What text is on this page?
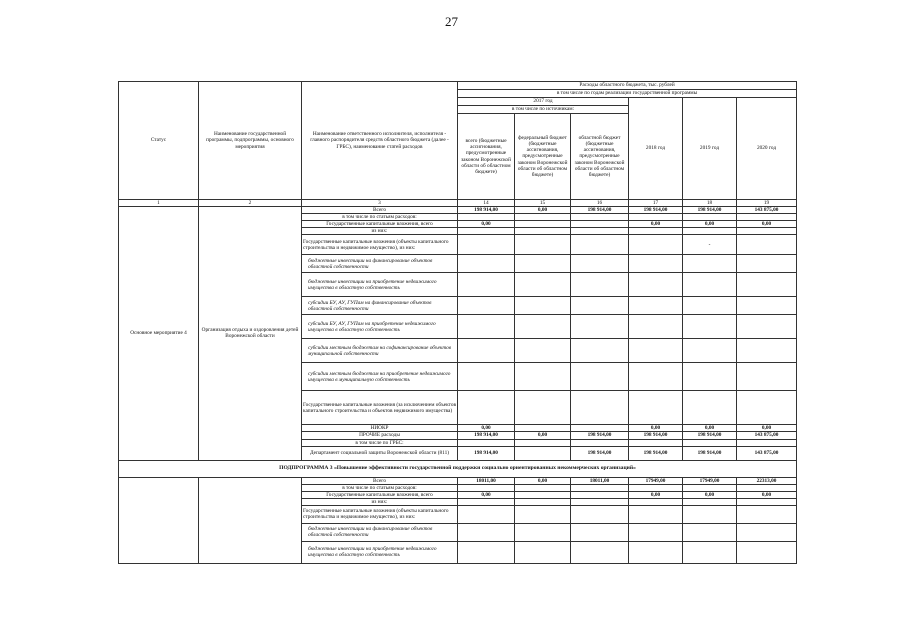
27
Статус	Наименование государственной программы, подпрограммы, основного мероприятия	Наименование ответственного исполнителя, исполнителя - главного распорядителя средств областного бюджета (далее - ГРБС), наименование статей расходов	Расходы областного бюджета, тыс. рублей					
			в том числе по годам реализации государственной программы					
			2017 год			2018 год	2019 год	2020 год
			в том числе по источникам:					
			всего (бюджетные ассигнования, предусмотренные законом Воронежской области об областном бюджете)	федеральный бюджет (бюджетные ассигнования, предусмотренные законом Воронежской области об областном бюджете)	областной бюджет (бюджетные ассигнования, предусмотренные законом Воронежской области об областном бюджете)			
1	2	3	14	15	16	17	18	19
Основное мероприятие 4	Организация отдыха и оздоровления детей Воронежской области	Всего	198 914,00	0,00	198 914,00	198 914,00	198 914,00	143 875,00
		в том числе по статьям расходов:						
		Государственные капитальные вложения, всего	0,00			0,00	0,00	0,00
		из них:						
		Государственные капитальные вложения (объекты капитального строительства и недвижимое имущество), из них:					-	
		бюджетные инвестиции на финансирование объектов областной собственности						
		бюджетные инвестиции на приобретение недвижимого имущества в областную собственность						
		субсидии БУ, АУ, ГУПам на финансирование объектов областной собственности						
		субсидии БУ, АУ, ГУПам на приобретение недвижимого имущества в областную собственность						
		субсидии местным бюджетам на софинансирование объектов муниципальной собственности						
		субсидии местным бюджетам на приобретение недвижимого имущества в муниципальную собственность						
		Государственные капитальные вложения (за исключением объектов капитального строительства и объектов недвижимого имущества)						
		НИОКР	0,00			0,00	0,00	0,00
		ПРОЧИЕ расходы	198 914,00	0,00	198 914,00	198 914,00	198 914,00	143 875,00
		в том числе по ГРБС:						
		Департамент социальной защиты Воронежской области (811)	198 914,00		198 914,00	198 914,00	198 914,00	143 875,00
ПОДПРОГРАММА 3 «Повышение эффективности государственной поддержки социально ориентированных некоммерческих организаций»								
		Всего	18011,00	0,00	18011,00	17949,00	17949,00	22313,00
		в том числе по статьям расходов:						
		Государственные капитальные вложения, всего	0,00			0,00	0,00	0,00
		из них:						
		Государственные капитальные вложения (объекты капитального строительства и недвижимое имущество), из них:						
		бюджетные инвестиции на финансирование объектов областной собственности						
		бюджетные инвестиции на приобретение недвижимого имущества в областную собственность						
